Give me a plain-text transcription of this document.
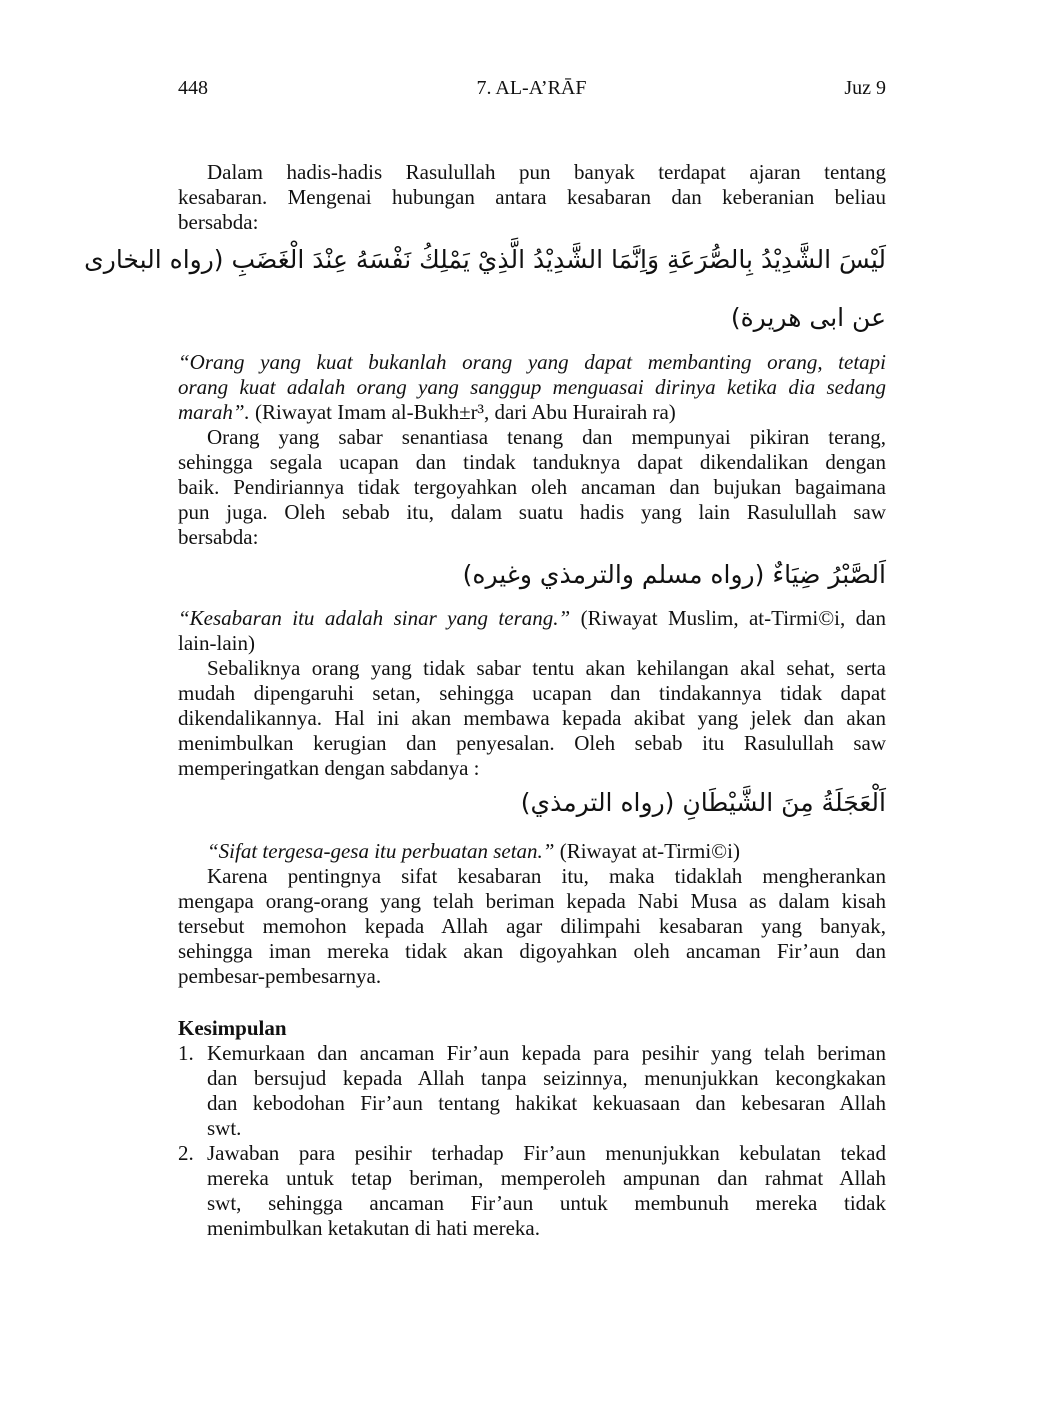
448	7. AL-A’RĀF	Juz 9
Dalam hadis-hadis Rasulullah pun banyak terdapat ajaran tentang
kesabaran. Mengenai hubungan antara kesabaran dan keberanian beliau
bersabda:
لَيْسَ الشَّدِيْدُ بِالصُّرَعَةِ وَاِنَّمَا الشَّدِيْدُ الَّذِيْ يَمْلِكُ نَفْسَهُ عِنْدَ الْغَضَبِ (رواه البخارى
عن ابى هريرة)
“Orang yang kuat bukanlah orang yang dapat membanting orang, tetapi
orang kuat adalah orang yang sanggup menguasai dirinya ketika dia sedang
marah”. (Riwayat Imam al-Bukh±r³, dari Abu Hurairah ra)
Orang yang sabar senantiasa tenang dan mempunyai pikiran terang,
sehingga segala ucapan dan tindak tanduknya dapat dikendalikan dengan
baik. Pendiriannya tidak tergoyahkan oleh ancaman dan bujukan bagaimana
pun juga. Oleh sebab itu, dalam suatu hadis yang lain Rasulullah saw
bersabda:
اَلصَّبْرُ ضِيَاءٌ (رواه مسلم والترمذي وغيره)
“Kesabaran itu adalah sinar yang terang.” (Riwayat Muslim, at-Tirmi©i, dan
lain-lain)
Sebaliknya orang yang tidak sabar tentu akan kehilangan akal sehat, serta
mudah dipengaruhi setan, sehingga ucapan dan tindakannya tidak dapat
dikendalikannya. Hal ini akan membawa kepada akibat yang jelek dan akan
menimbulkan kerugian dan penyesalan. Oleh sebab itu Rasulullah saw
memperingatkan dengan sabdanya :
اَلْعَجَلَةُ مِنَ الشَّيْطَانِ (رواه الترمذي)
“Sifat tergesa-gesa itu perbuatan setan.” (Riwayat at-Tirmi©i)
Karena pentingnya sifat kesabaran itu, maka tidaklah mengherankan
mengapa orang-orang yang telah beriman kepada Nabi Musa as dalam kisah
tersebut memohon kepada Allah agar dilimpahi kesabaran yang banyak,
sehingga iman mereka tidak akan digoyahkan oleh ancaman Fir’aun dan
pembesar-pembesarnya.
Kesimpulan
1. Kemurkaan dan ancaman Fir’aun kepada para pesihir yang telah beriman
dan bersujud kepada Allah tanpa seizinnya, menunjukkan kecongkakan
dan kebodohan Fir’aun tentang hakikat kekuasaan dan kebesaran Allah
swt.
2. Jawaban para pesihir terhadap Fir’aun menunjukkan kebulatan tekad
mereka untuk tetap beriman, memperoleh ampunan dan rahmat Allah
swt, sehingga ancaman Fir’aun untuk membunuh mereka tidak
menimbulkan ketakutan di hati mereka.
